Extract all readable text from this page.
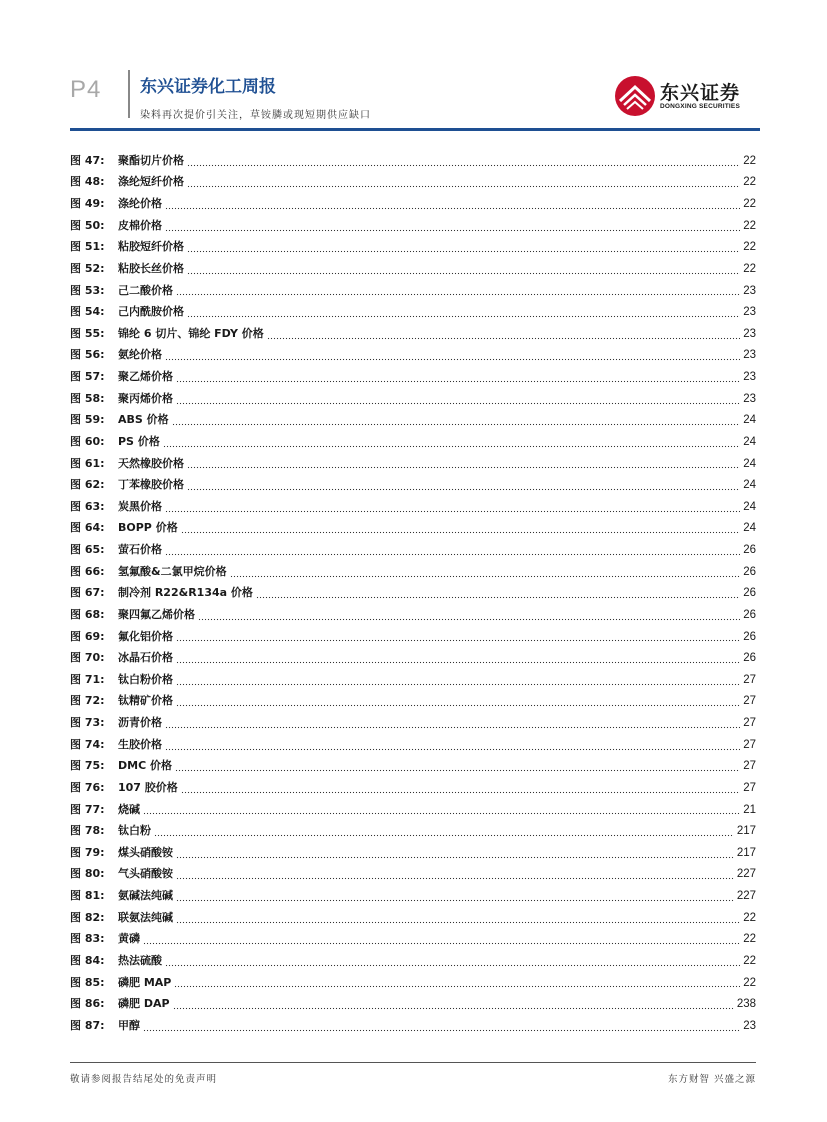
P4 东兴证券化工周报
染料再次提价引关注，草铵膦或现短期供应缺口
东兴证券
DONGXING SECURITIES
图 47:	聚酯切片价格	22
图 48:	涤纶短纤价格	22
图 49:	涤纶价格	22
图 50:	皮棉价格	22
图 51:	粘胶短纤价格	22
图 52:	粘胶长丝价格	22
图 53:	己二酸价格	23
图 54:	己内酰胺价格	23
图 55:	锦纶 6 切片、锦纶 FDY 价格	23
图 56:	氨纶价格	23
图 57:	聚乙烯价格	23
图 58:	聚丙烯价格	23
图 59:	ABS 价格	24
图 60:	PS 价格	24
图 61:	天然橡胶价格	24
图 62:	丁苯橡胶价格	24
图 63:	炭黑价格	24
图 64:	BOPP 价格	24
图 65:	萤石价格	26
图 66:	氢氟酸&二氯甲烷价格	26
图 67:	制冷剂 R22&R134a 价格	26
图 68:	聚四氟乙烯价格	26
图 69:	氟化铝价格	26
图 70:	冰晶石价格	26
图 71:	钛白粉价格	27
图 72:	钛精矿价格	27
图 73:	沥青价格	27
图 74:	生胶价格	27
图 75:	DMC 价格	27
图 76:	107 胶价格	27
图 77:	烧碱	21
图 78:	钛白粉	217
图 79:	煤头硝酸铵	217
图 80:	气头硝酸铵	227
图 81:	氨碱法纯碱	227
图 82:	联氨法纯碱	22
图 83:	黄磷	22
图 84:	热法硫酸	22
图 85:	磷肥 MAP	22
图 86:	磷肥 DAP	238
图 87:	甲醇	23
敬请参阅报告结尾处的免责声明	东方财智 兴盛之源
